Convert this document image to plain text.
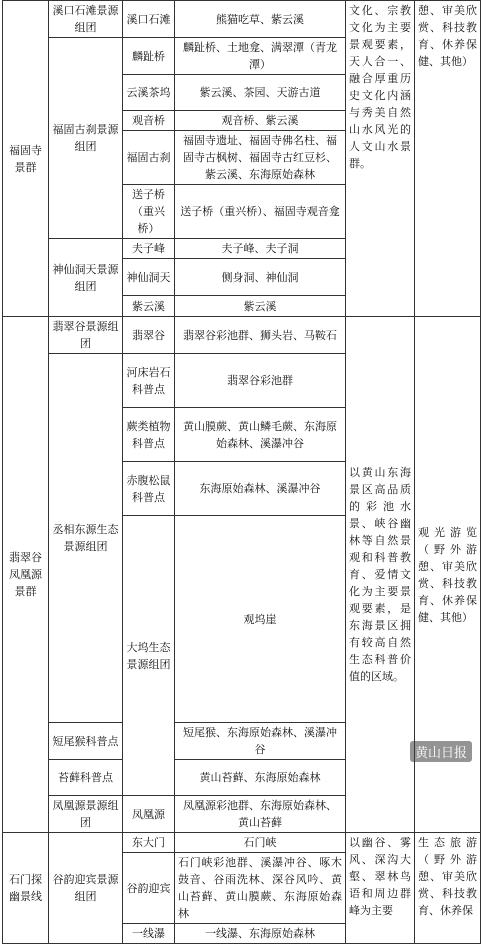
福固寺景群	溪口石滩景源组团	溪口石滩	熊猫吃草、紫云溪	文化、宗教文化为主要景观要素，天人合一、融合厚重历史文化内涵与秀美自然山水风光的人文山水景群。	憩、审美欣赏、科技教育、休养保健、其他）	
	福固古刹景源组团	麟趾桥	麟趾桥、土地龛、满翠潭（青龙潭）			
		云溪茶坞	紫云溪、茶园、天游古道			
		观音桥	观音桥、紫云溪			
		福固古刹	福固寺遗址、福固寺佛名柱、福固寺古枫树、福固寺古红豆杉、紫云溪、东海原始森林			
		送子桥（重兴桥）	送子桥（重兴桥）、福固寺观音龛			
	神仙洞天景源组团	夫子峰	夫子峰、夫子洞			
		神仙洞天	侧身洞、神仙洞			
		紫云溪	紫云溪			
翡翠谷凤凰源景群	翡翠谷景源组团	翡翠谷	翡翠谷彩池群、狮头岩、马鞍石	以黄山东海景区高品质的彩池水景、峡谷幽林等自然景观和科普教育、爱情文化为主要景观要素，是东海景区拥有较高自然生态科普价值的区域。	观光游览（野外游憩、审美欣赏、科技教育、休养保健、其他）	
	丞相东源生态景源组团	河床岩石科普点	翡翠谷彩池群			
		蕨类植物科普点	黄山膜蕨、黄山鳞毛蕨、东海原始森林、溪瀑冲谷			
		赤腹松鼠科普点	东海原始森林、溪瀑冲谷			
		大坞生态景源组团	观坞崖	
	短尾猴科普点		短尾猴、东海原始森林、溪瀑冲谷			
	苔藓科普点		黄山苔藓、东海原始森林			
	凤凰源景源组团	凤凰源	凤凰源彩池群、东海原始森林、黄山苔藓			
石门探幽景线	谷韵迎宾景源组团	东大门	石门峡	以幽谷、雾风、深沟大壑、翠林鸟语和周边群峰为主要	生态旅游（野外游憩、审美欣赏、科技教育、休养保	
		谷韵迎宾	石门峡彩池群、溪瀑冲谷、啄木鼓音、谷雨洗林、深谷风吟、黄山苔藓、黄山膜蕨、东海原始森林			
		一线瀑	一线瀑、东海原始森林			
黄山日报
